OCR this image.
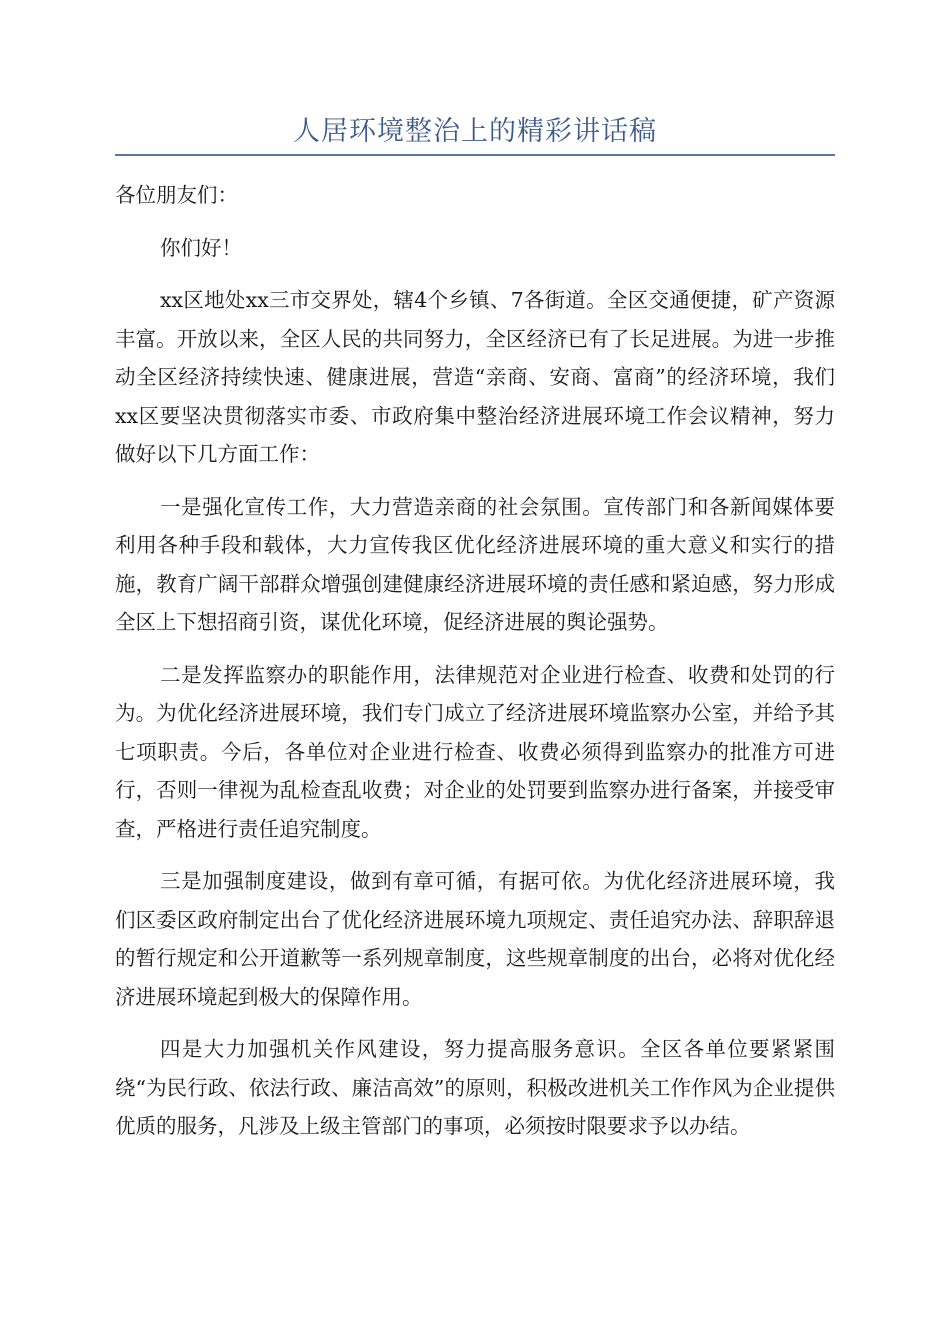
人居环境整治上的精彩讲话稿

各位朋友们：

你们好！

xx区地处xx三市交界处，辖4个乡镇、7各街道。全区交通便捷，矿产资源丰富。开放以来，全区人民的共同努力，全区经济已有了长足进展。为进一步推动全区经济持续快速、健康进展，营造“亲商、安商、富商”的经济环境，我们xx区要坚决贯彻落实市委、市政府集中整治经济进展环境工作会议精神，努力做好以下几方面工作：

一是强化宣传工作，大力营造亲商的社会氛围。宣传部门和各新闻媒体要利用各种手段和载体，大力宣传我区优化经济进展环境的重大意义和实行的措施，教育广阔干部群众增强创建健康经济进展环境的责任感和紧迫感，努力形成全区上下想招商引资，谋优化环境，促经济进展的舆论强势。

二是发挥监察办的职能作用，法律规范对企业进行检查、收费和处罚的行为。为优化经济进展环境，我们专门成立了经济进展环境监察办公室，并给予其七项职责。今后，各单位对企业进行检查、收费必须得到监察办的批准方可进行，否则一律视为乱检查乱收费；对企业的处罚要到监察办进行备案，并接受审查，严格进行责任追究制度。

三是加强制度建设，做到有章可循，有据可依。为优化经济进展环境，我们区委区政府制定出台了优化经济进展环境九项规定、责任追究办法、辞职辞退的暂行规定和公开道歉等一系列规章制度，这些规章制度的出台，必将对优化经济进展环境起到极大的保障作用。

四是大力加强机关作风建设，努力提高服务意识。全区各单位要紧紧围绕“为民行政、依法行政、廉洁高效”的原则，积极改进机关工作作风为企业提供优质的服务，凡涉及上级主管部门的事项，必须按时限要求予以办结。
